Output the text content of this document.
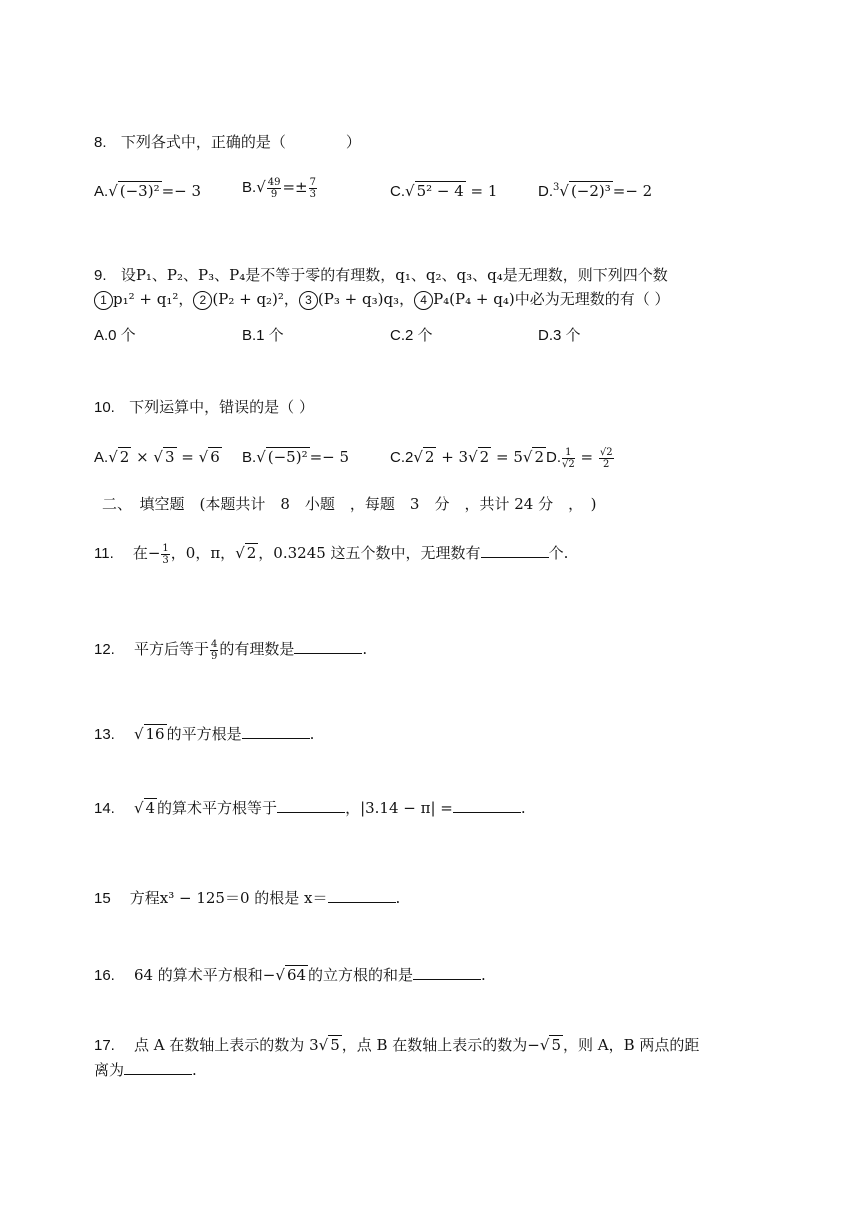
8. 下列各式中，正确的是（　　　　）
A.√ (−3)² =− 3	$B.√ \frac{49}{9} =\pm \frac{7}{3}$	C.√ 5² − 4 = 1	D.$^3$√ (−2)³ =− 2
9. 设P₁、P₂、P₃、P₄是不等于零的有理数，q₁、q₂、q₃、q₄是无理数，则下列四个数
1 p₁² + q₁²， 2 (P₂ + q₂)²， 3 (P₃ + q₃)q₃， 4 P₄(P₄ + q₄)中必为无理数的有（ ）
A.0 个	B.1 个	C.2 个	D.3 个
10. 下列运算中，错误的是（ ）
A.√ 2 × √ 3 = √ 6 B.√ (−5)² =− 5	C.2√ 2 + 3√ 2 = 5√ 2 D. $\frac{1}{√2} = \frac{√2}{2}$
二、　填空题　(本题共计　8　小题　，每题　3　分　，共计 24 分　，　)
11. 在− $\frac{1}{3}$ ，0，π，√ 2 ，0.3245 这五个数中，无理数有	个.
12. 平方后等于 $\frac{4}{9}$ 的有理数是	.
13. √ 16 的平方根是	.
14. √ 4 的算术平方根等于	，|3.14 − π| =	.
15 方程x³ − 125＝0 的根是 x＝	.
16. 64 的算术平方根和−√ 64 的立方根的和是	.
17. 点 A 在数轴上表示的数为 3√ 5 ，点 B 在数轴上表示的数为−√ 5 ，则 A，B 两点的距
离为	.
